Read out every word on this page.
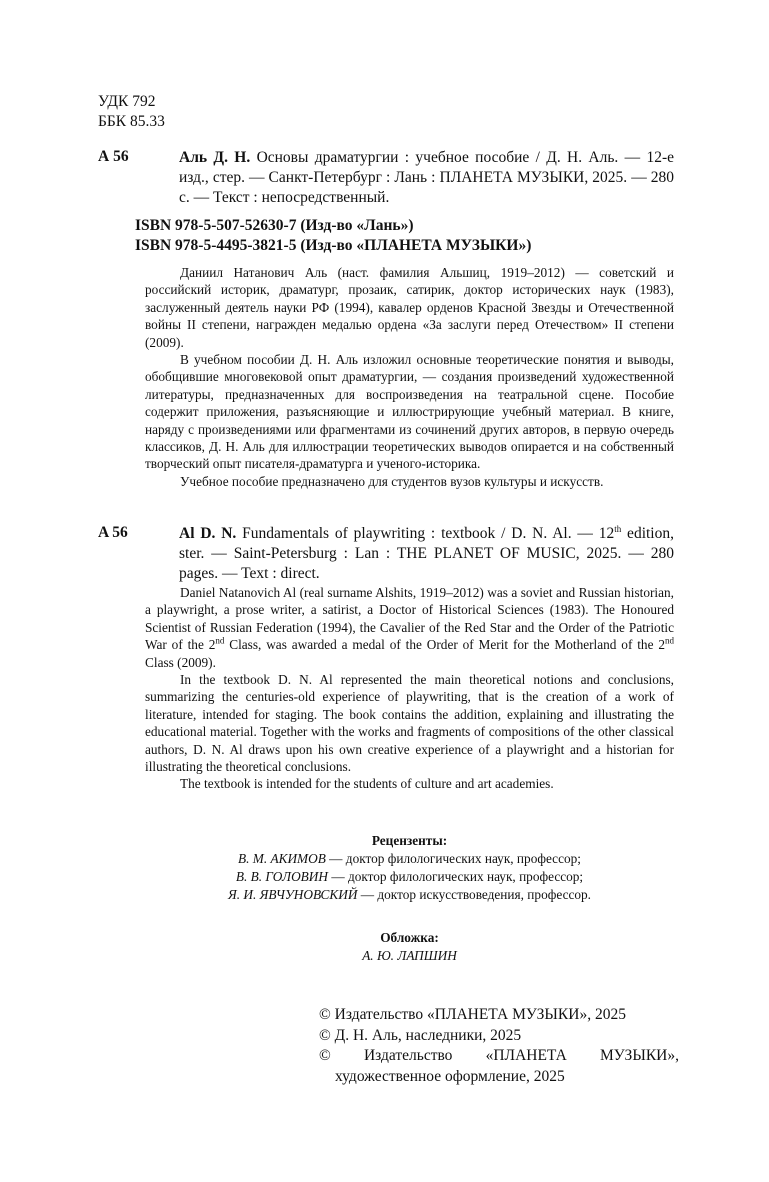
УДК 792
ББК 85.33
А 56	Аль Д. Н. Основы драматургии : учебное пособие / Д. Н. Аль. — 12-е изд., стер. — Санкт-Петербург : Лань : ПЛАНЕТА МУЗЫКИ, 2025. — 280 с. — Текст : непосредственный.
ISBN 978-5-507-52630-7 (Изд-во «Лань»)
ISBN 978-5-4495-3821-5 (Изд-во «ПЛАНЕТА МУЗЫКИ»)

Даниил Натанович Аль (наст. фамилия Альшиц, 1919–2012) — советский и российский историк, драматург, прозаик, сатирик, доктор исторических наук (1983), заслуженный деятель науки РФ (1994), кавалер орденов Красной Звезды и Отечественной войны II степени, награжден медалью ордена «За заслуги перед Отечеством» II степени (2009).

В учебном пособии Д. Н. Аль изложил основные теоретические понятия и выводы, обобщившие многовековой опыт драматургии, — создания произведений художественной литературы, предназначенных для воспроизведения на театральной сцене. Пособие содержит приложения, разъясняющие и иллюстрирующие учебный материал. В книге, наряду с произведениями или фрагментами из сочинений других авторов, в первую очередь классиков, Д. Н. Аль для иллюстрации теоретических выводов опирается и на собственный творческий опыт писателя-драматурга и ученого-историка.

Учебное пособие предназначено для студентов вузов культуры и искусств.

A 56	Al D. N. Fundamentals of playwriting : textbook / D. N. Al. — 12th edition, ster. — Saint-Petersburg : Lan : THE PLANET OF MUSIC, 2025. — 280 pages. — Text : direct.

Daniel Natanovich Al (real surname Alshits, 1919–2012) was a soviet and Russian historian, a playwright, a prose writer, a satirist, a Doctor of Historical Sciences (1983). The Honoured Scientist of Russian Federation (1994), the Cavalier of the Red Star and the Order of the Patriotic War of the 2nd Class, was awarded a medal of the Order of Merit for the Motherland of the 2nd Class (2009).

In the textbook D. N. Al represented the main theoretical notions and conclusions, summarizing the centuries-old experience of playwriting, that is the creation of a work of literature, intended for staging. The book contains the addition, explaining and illustrating the educational material. Together with the works and fragments of compositions of the other classical authors, D. N. Al draws upon his own creative experience of a playwright and a historian for illustrating the theoretical conclusions.

The textbook is intended for the students of culture and art academies.

Рецензенты:
В. М. АКИМОВ — доктор филологических наук, профессор;
В. В. ГОЛОВИН — доктор филологических наук, профессор;
Я. И. ЯВЧУНОВСКИЙ — доктор искусствоведения, профессор.
Обложка:
А. Ю. ЛАПШИН
© Издательство «ПЛАНЕТА МУЗЫКИ», 2025
© Д. Н. Аль, наследники, 2025
© Издательство «ПЛАНЕТА МУЗЫКИ», художественное оформление, 2025
